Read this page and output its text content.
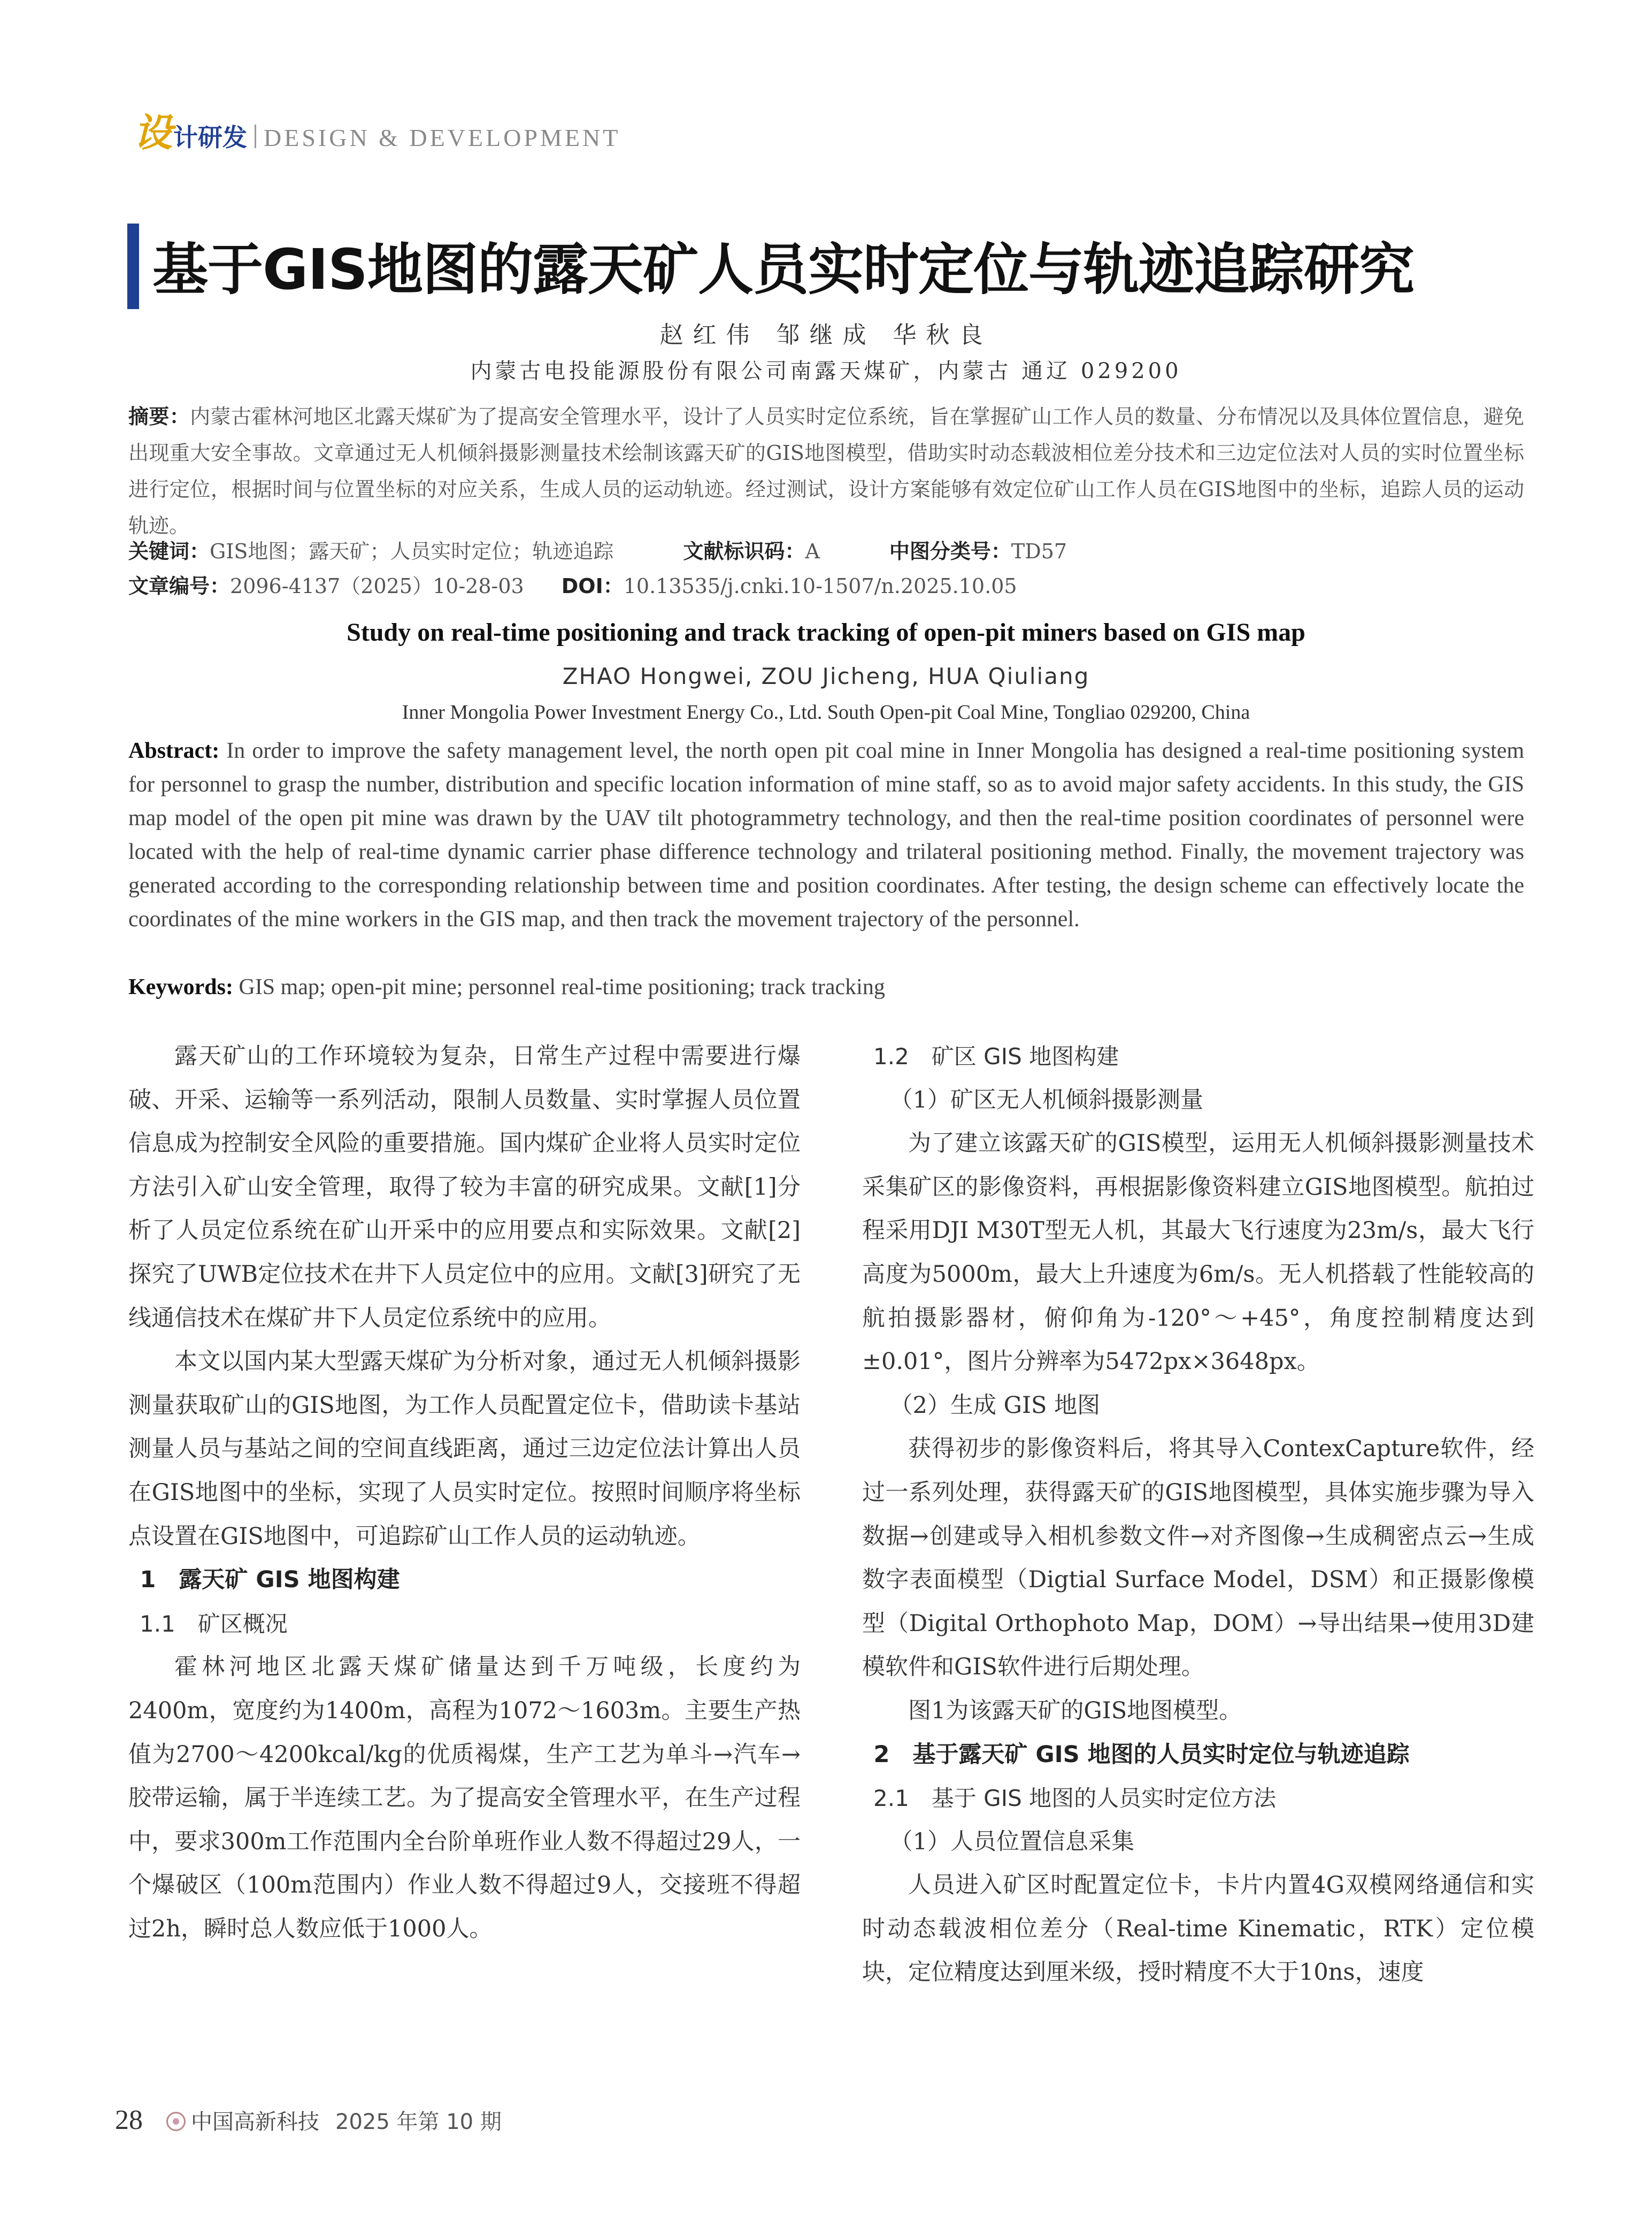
设计研发 DESIGN & DEVELOPMENT
基于GIS地图的露天矿人员实时定位与轨迹追踪研究
赵红伟 邹继成 华秋良
内蒙古电投能源股份有限公司南露天煤矿，内蒙古 通辽 029200
摘要：内蒙古霍林河地区北露天煤矿为了提高安全管理水平，设计了人员实时定位系统，旨在掌握矿山工作人员的数量、分布情况以及具体位置信息，避免出现重大安全事故。文章通过无人机倾斜摄影测量技术绘制该露天矿的GIS地图模型，借助实时动态载波相位差分技术和三边定位法对人员的实时位置坐标进行定位，根据时间与位置坐标的对应关系，生成人员的运动轨迹。经过测试，设计方案能够有效定位矿山工作人员在GIS地图中的坐标，追踪人员的运动轨迹。
关键词：GIS地图；露天矿；人员实时定位；轨迹追踪	文献标识码：A	中图分类号：TD57
文章编号：2096-4137（2025）10-28-03 DOI：10.13535/j.cnki.10-1507/n.2025.10.05
Study on real-time positioning and track tracking of open-pit miners based on GIS map
ZHAO Hongwei, ZOU Jicheng, HUA Qiuliang
Inner Mongolia Power Investment Energy Co., Ltd. South Open-pit Coal Mine, Tongliao 029200, China
Abstract: In order to improve the safety management level, the north open pit coal mine in Inner Mongolia has designed a real-time positioning system for personnel to grasp the number, distribution and specific location information of mine staff, so as to avoid major safety accidents. In this study, the GIS map model of the open pit mine was drawn by the UAV tilt photogrammetry technology, and then the real-time position coordinates of personnel were located with the help of real-time dynamic carrier phase difference technology and trilateral positioning method. Finally, the movement trajectory was generated according to the corresponding relationship between time and position coordinates. After testing, the design scheme can effectively locate the coordinates of the mine workers in the GIS map, and then track the movement trajectory of the personnel.
Keywords: GIS map; open-pit mine; personnel real-time positioning; track tracking

露天矿山的工作环境较为复杂，日常生产过程中需要进行爆破、开采、运输等一系列活动，限制人员数量、实时掌握人员位置信息成为控制安全风险的重要措施。国内煤矿企业将人员实时定位方法引入矿山安全管理，取得了较为丰富的研究成果。文献[1]分析了人员定位系统在矿山开采中的应用要点和实际效果。文献[2]探究了UWB定位技术在井下人员定位中的应用。文献[3]研究了无线通信技术在煤矿井下人员定位系统中的应用。

本文以国内某大型露天煤矿为分析对象，通过无人机倾斜摄影测量获取矿山的GIS地图，为工作人员配置定位卡，借助读卡基站测量人员与基站之间的空间直线距离，通过三边定位法计算出人员在GIS地图中的坐标，实现了人员实时定位。按照时间顺序将坐标点设置在GIS地图中，可追踪矿山工作人员的运动轨迹。

1　露天矿 GIS 地图构建

1.1　矿区概况

霍林河地区北露天煤矿储量达到千万吨级，长度约为2400m，宽度约为1400m，高程为1072～1603m。主要生产热值为2700～4200kcal/kg的优质褐煤，生产工艺为单斗→汽车→胶带运输，属于半连续工艺。为了提高安全管理水平，在生产过程中，要求300m工作范围内全台阶单班作业人数不得超过29人，一个爆破区（100m范围内）作业人数不得超过9人，交接班不得超过2h，瞬时总人数应低于1000人。

1.2　矿区 GIS 地图构建

（1）矿区无人机倾斜摄影测量

为了建立该露天矿的GIS模型，运用无人机倾斜摄影测量技术采集矿区的影像资料，再根据影像资料建立GIS地图模型。航拍过程采用DJI M30T型无人机，其最大飞行速度为23m/s，最大飞行高度为5000m，最大上升速度为6m/s。无人机搭载了性能较高的航拍摄影器材，俯仰角为-120°～+45°，角度控制精度达到±0.01°，图片分辨率为5472px×3648px。

（2）生成 GIS 地图

获得初步的影像资料后，将其导入ContexCapture软件，经过一系列处理，获得露天矿的GIS地图模型，具体实施步骤为导入数据→创建或导入相机参数文件→对齐图像→生成稠密点云→生成数字表面模型（Digtial Surface Model，DSM）和正摄影像模型（Digital Orthophoto Map，DOM）→导出结果→使用3D建模软件和GIS软件进行后期处理。

图1为该露天矿的GIS地图模型。

2　基于露天矿 GIS 地图的人员实时定位与轨迹追踪

2.1　基于 GIS 地图的人员实时定位方法

（1）人员位置信息采集

人员进入矿区时配置定位卡，卡片内置4G双模网络通信和实时动态载波相位差分（Real-time Kinematic，RTK）定位模块，定位精度达到厘米级，授时精度不大于10ns，速度

28 中国高新科技 2025 年第 10 期
